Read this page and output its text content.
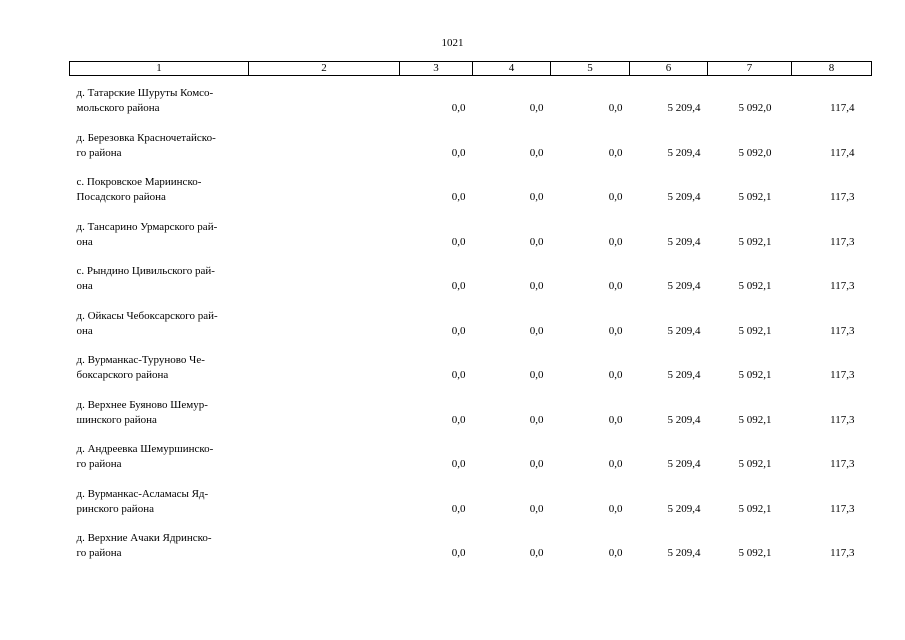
1021
1	2	3	4	5	6	7	8

д. Татарские Шуруты Комсо-
мольского района		0,0	0,0	0,0	5 209,4	5 092,0	117,4

д. Березовка Красночетайско-
го района		0,0	0,0	0,0	5 209,4	5 092,0	117,4

с. Покровское Мариинско-
Посадского района		0,0	0,0	0,0	5 209,4	5 092,1	117,3

д. Тансарино Урмарского рай-
она		0,0	0,0	0,0	5 209,4	5 092,1	117,3

с. Рындино Цивильского рай-
она		0,0	0,0	0,0	5 209,4	5 092,1	117,3

д. Ойкасы Чебоксарского рай-
она		0,0	0,0	0,0	5 209,4	5 092,1	117,3

д. Вурманкас-Туруново Че-
боксарского района		0,0	0,0	0,0	5 209,4	5 092,1	117,3

д. Верхнее Буяново Шемур-
шинского района		0,0	0,0	0,0	5 209,4	5 092,1	117,3

д. Андреевка Шемуршинско-
го района		0,0	0,0	0,0	5 209,4	5 092,1	117,3

д. Вурманкас-Асламасы Яд-
ринского района		0,0	0,0	0,0	5 209,4	5 092,1	117,3

д. Верхние Ачаки Ядринско-
го района		0,0	0,0	0,0	5 209,4	5 092,1	117,3
